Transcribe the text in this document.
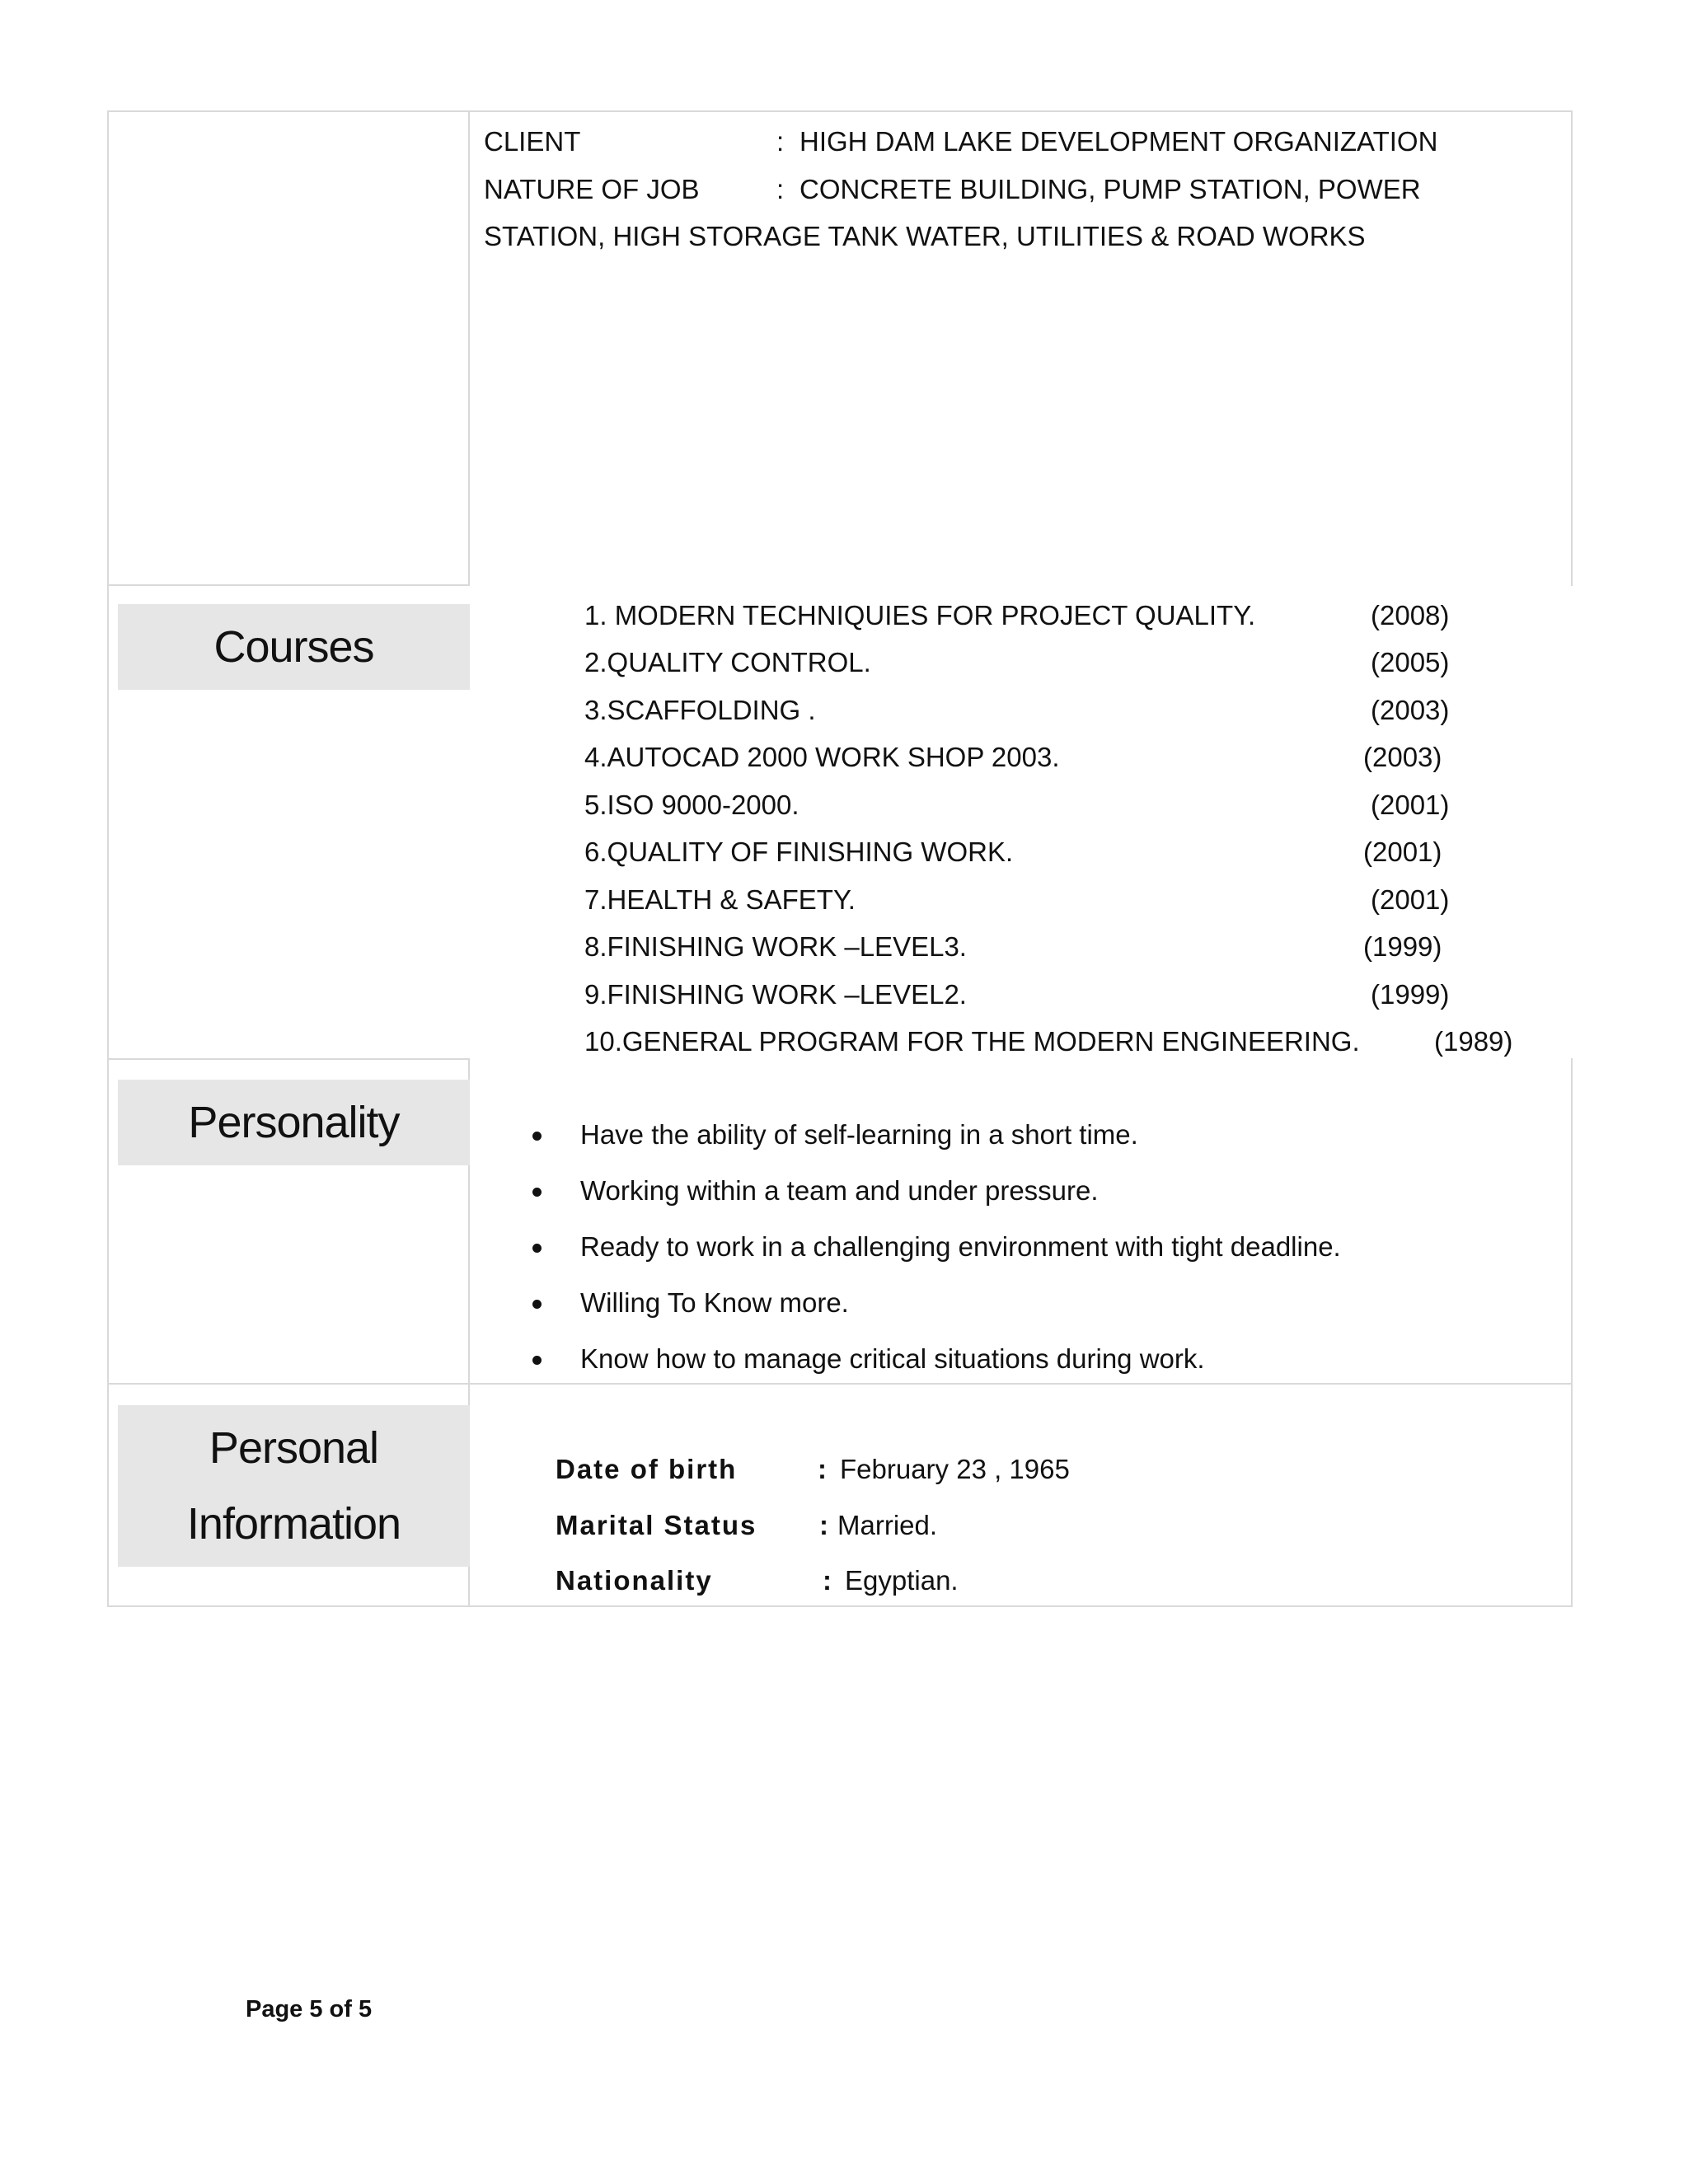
CLIENT	: HIGH DAM LAKE DEVELOPMENT ORGANIZATION
NATURE OF JOB	: CONCRETE BUILDING, PUMP STATION, POWER
STATION, HIGH STORAGE TANK WATER, UTILITIES & ROAD WORKS
Courses
1. MODERN TECHNIQUIES FOR PROJECT QUALITY.	(2008)
2.QUALITY CONTROL.	(2005)
3.SCAFFOLDING .	(2003)
4.AUTOCAD 2000 WORK SHOP 2003.	(2003)
5.ISO 9000-2000.	(2001)
6.QUALITY OF FINISHING WORK.	(2001)
7.HEALTH & SAFETY.	(2001)
8.FINISHING WORK –LEVEL3.	(1999)
9.FINISHING WORK –LEVEL2.	(1999)
10.GENERAL PROGRAM FOR THE MODERN ENGINEERING.	(1989)
Personality	Have the ability of self-learning in a short time.
Working within a team and under pressure.
Ready to work in a challenging environment with tight deadline.
Willing To Know more.
Know how to manage critical situations during work.
Personal
Information
Date of birth	: February 23 , 1965
Marital Status : Married.
Nationality	: Egyptian.
Page 5 of 5
